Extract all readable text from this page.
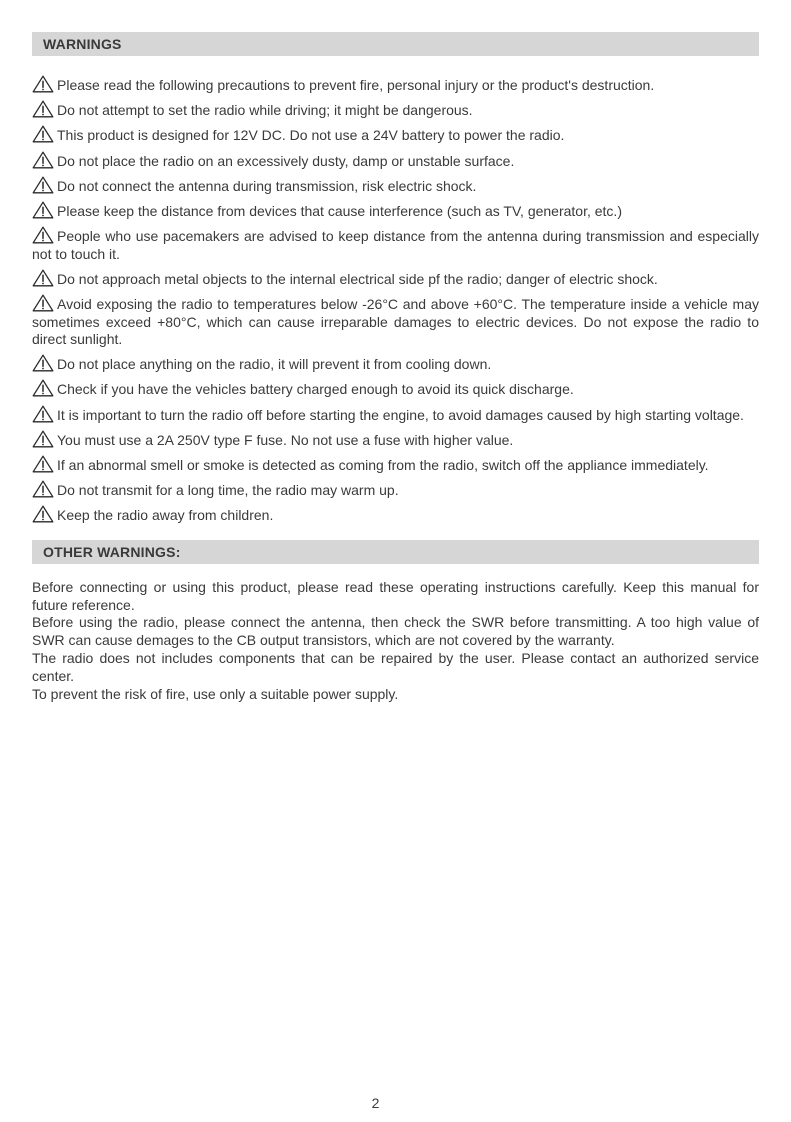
WARNINGS
Please read the following precautions to prevent fire, personal injury or the product's destruction.
Do not attempt to set the radio while driving; it might be dangerous.
This product is designed for 12V DC. Do not use a 24V battery to power the radio.
Do not place the radio on an excessively dusty, damp or unstable surface.
Do not connect the antenna during transmission, risk electric shock.
Please keep the distance from devices that cause interference (such as TV, generator, etc.)
People who use pacemakers are advised to keep distance from the antenna during transmission and especially not to touch it.
Do not approach metal objects to the internal electrical side pf the radio; danger of electric shock.
Avoid exposing the radio to temperatures below -26°C and above +60°C. The temperature inside a vehicle may sometimes exceed +80°C, which can cause irreparable damages to electric devices. Do not expose the radio to direct sunlight.
Do not place anything on the radio, it will prevent it from cooling down.
Check if you have the vehicles battery charged enough to avoid its quick discharge.
It is important to turn the radio off before starting the engine, to avoid damages caused by high starting voltage.
You must use a 2A 250V type F fuse. No not use a fuse with higher value.
If an abnormal smell or smoke is detected as coming from the radio, switch off the appliance immediately.
Do not transmit for a long time, the radio may warm up.
Keep the radio away from children.
OTHER WARNINGS:

Before connecting or using this product, please read these operating instructions carefully. Keep this manual for future reference.

Before using the radio, please connect the antenna, then check the SWR before transmitting. A too high value of SWR can cause demages to the CB output transistors, which are not covered by the warranty.

The radio does not includes components that can be repaired by the user. Please contact an authorized service center.

To prevent the risk of fire, use only a suitable power supply.

2
